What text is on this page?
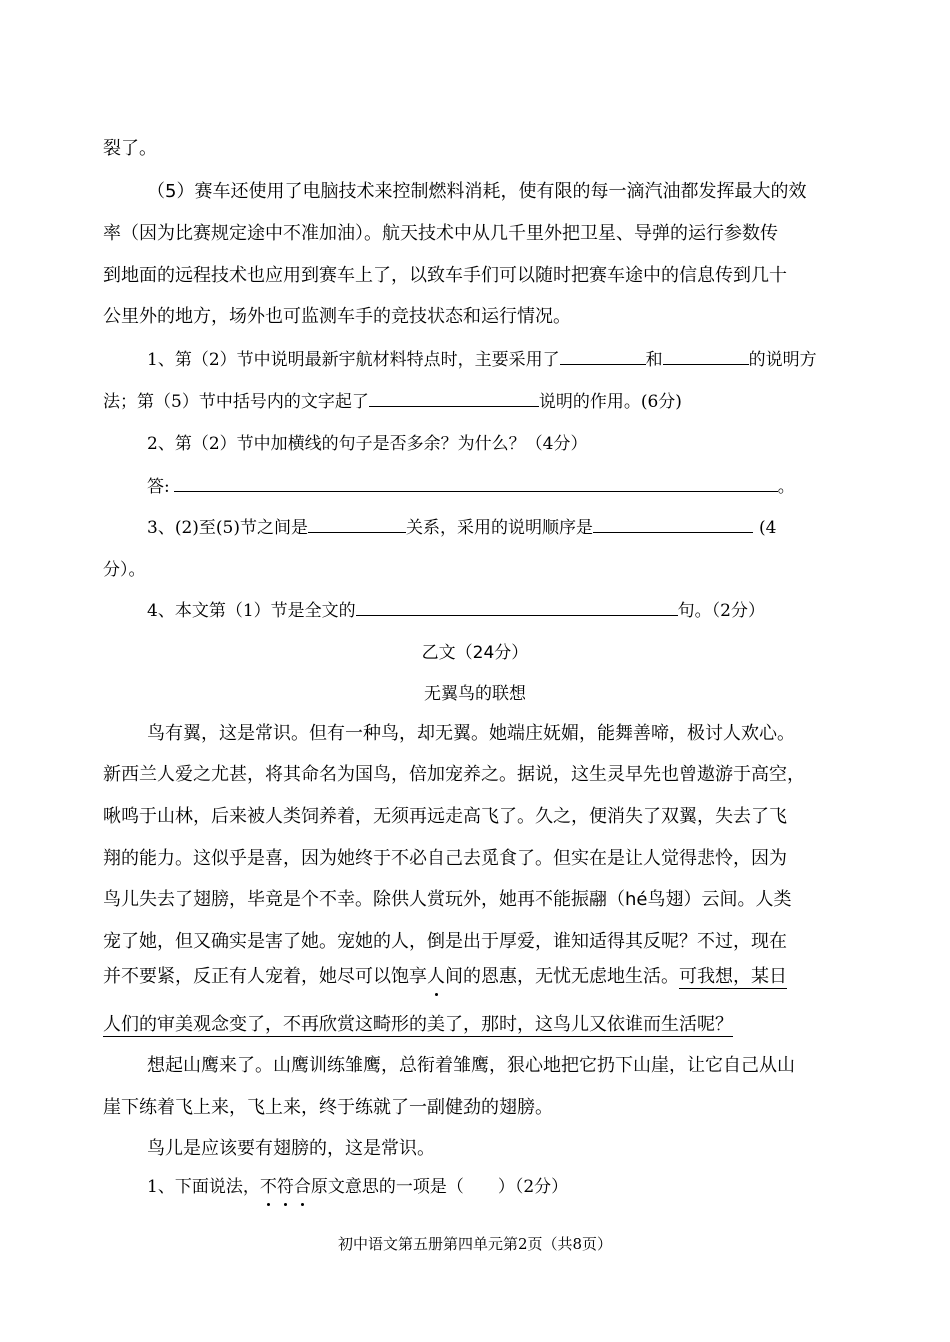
裂了。
（5）赛车还使用了电脑技术来控制燃料消耗，使有限的每一滴汽油都发挥最大的效
率（因为比赛规定途中不准加油）。航天技术中从几千里外把卫星、导弹的运行参数传
到地面的远程技术也应用到赛车上了，以致车手们可以随时把赛车途中的信息传到几十
公里外的地方，场外也可监测车手的竞技状态和运行情况。
1、第（2）节中说明最新宇航材料特点时，主要采用了	和	的说明方
法；第（5）节中括号内的文字起了	说明的作用。(6分)
2、第（2）节中加横线的句子是否多余？为什么？（4分）
答:	。
3、(2)至(5)节之间是	关系，采用的说明顺序是	(4
分）。
4、本文第（1）节是全文的	句。（2分）
乙文（24分）
无翼鸟的联想
鸟有翼，这是常识。但有一种鸟，却无翼。她端庄妩媚，能舞善啼，极讨人欢心。
新西兰人爱之尤甚，将其命名为国鸟，倍加宠养之。据说，这生灵早先也曾遨游于高空，
啾鸣于山林，后来被人类饲养着，无须再远走高飞了。久之，便消失了双翼，失去了飞
翔的能力。这似乎是喜，因为她终于不必自己去觅食了。但实在是让人觉得悲怜，因为
鸟儿失去了翅膀，毕竟是个不幸。除供人赏玩外，她再不能振翮（hé鸟翅）云间。人类
宠了她，但又确实是害了她。宠她的人，倒是出于厚爱，谁知适得其反呢？不过，现在
并不要紧，反正有人宠着，她尽可以饱享人间的恩惠，无忧无虑地生活。可我想，某日
人们的审美观念变了，不再欣赏这畸形的美了，那时，这鸟儿又依谁而生活呢？
想起山鹰来了。山鹰训练雏鹰，总衔着雏鹰，狠心地把它扔下山崖，让它自己从山
崖下练着飞上来，飞上来，终于练就了一副健劲的翅膀。
鸟儿是应该要有翅膀的，这是常识。
1、下面说法，不符合原文意思的一项是（　　）（2分）
初中语文第五册第四单元第2页（共8页）
